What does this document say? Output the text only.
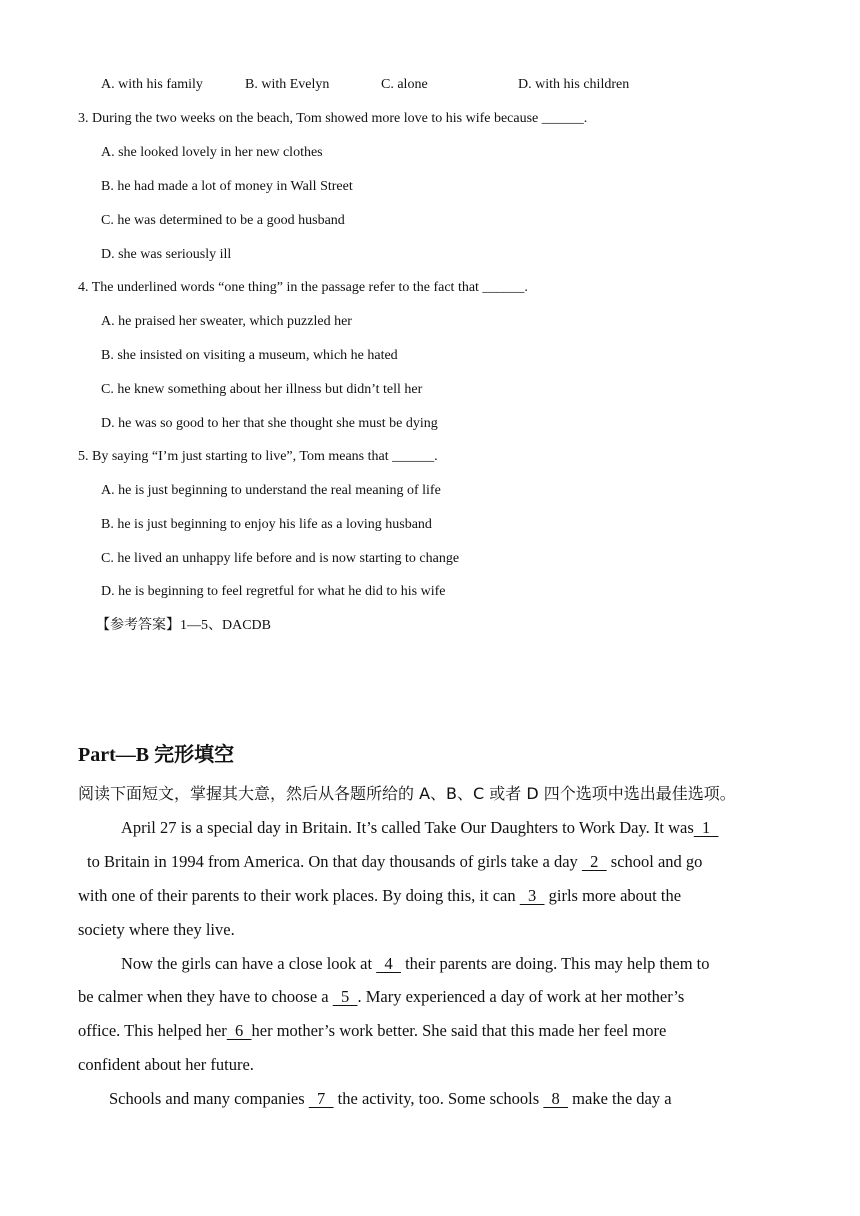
A. with his family	B. with Evelyn	C. alone	D. with his children
3. During the two weeks on the beach, Tom showed more love to his wife because ______.
A. she looked lovely in her new clothes
B. he had made a lot of money in Wall Street
C. he was determined to be a good husband
D. she was seriously ill
4. The underlined words “one thing” in the passage refer to the fact that ______.
A. he praised her sweater, which puzzled her
B. she insisted on visiting a museum, which he hated
C. he knew something about her illness but didn’t tell her
D. he was so good to her that she thought she must be dying
5. By saying “I’m just starting to live”, Tom means that ______.
A. he is just beginning to understand the real meaning of life
B. he is just beginning to enjoy his life as a loving husband
C. he lived an unhappy life before and is now starting to change
D. he is beginning to feel regretful for what he did to his wife
【参考答案】1—5、DACDB
Part—B 完形填空
阅读下面短文，掌握其大意，然后从各题所给的 A、B、C 或者 D 四个选项中选出最佳选项。
April 27 is a special day in Britain. It’s called Take Our Daughters to Work Day. It was  1
to Britain in 1994 from America. On that day thousands of girls take a day   2   school and go
with one of their parents to their work places. By doing this, it can   3   girls more about the
society where they live.
Now the girls can have a close look at   4   their parents are doing. This may help them to
be calmer when they have to choose a   5  . Mary experienced a day of work at her mother’s
office. This helped her  6  her mother’s work better. She said that this made her feel more
confident about her future.
Schools and many companies   7   the activity, too. Some schools   8   make the day a
